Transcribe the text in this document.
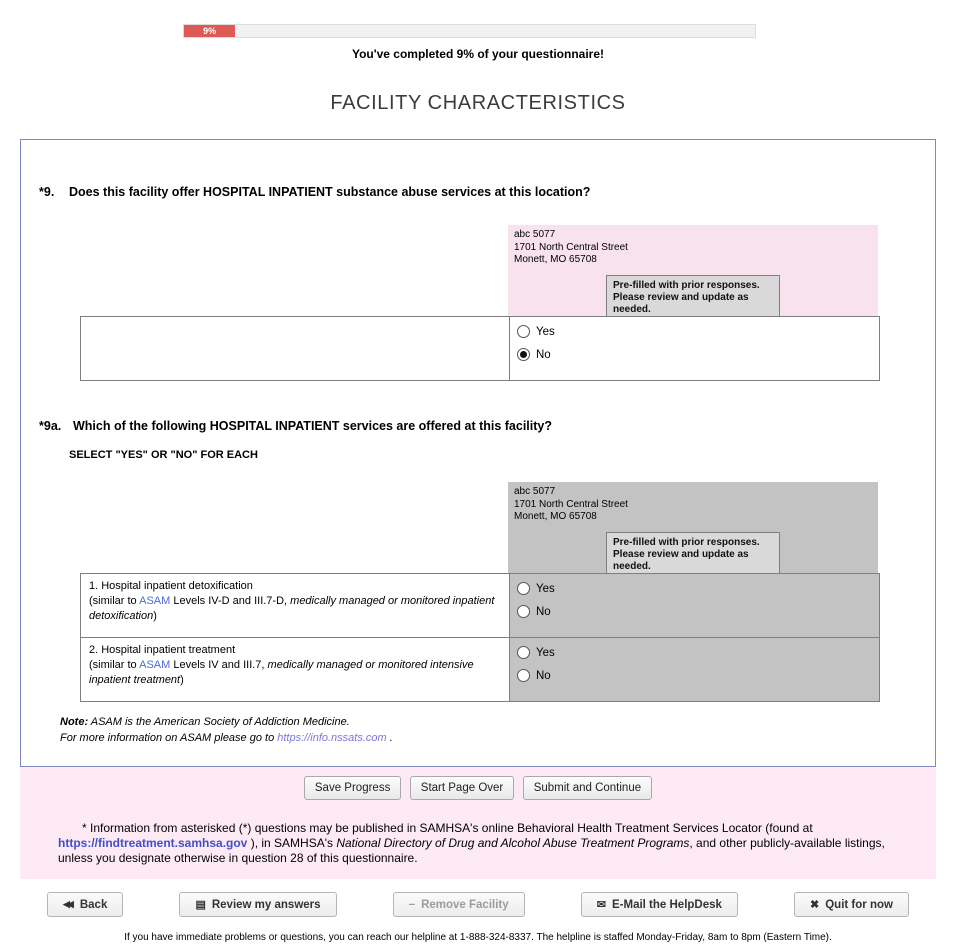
9%
You've completed 9% of your questionnaire!
FACILITY CHARACTERISTICS
*9.	Does this facility offer HOSPITAL INPATIENT substance abuse services at this location?
abc 5077
1701 North Central Street
Monett, MO 65708
Pre-filled with prior responses.
Please review and update as needed.

Yes
No
*9a. Which of the following HOSPITAL INPATIENT services are offered at this facility?
SELECT "YES" OR "NO" FOR EACH
abc 5077
1701 North Central Street
Monett, MO 65708
Pre-filled with prior responses.
Please review and update as needed.
1. Hospital inpatient detoxification
(similar to ASAM Levels IV-D and III.7-D, medically managed or monitored inpatient detoxification)	Yes
No

2. Hospital inpatient treatment
(similar to ASAM Levels IV and III.7, medically managed or monitored intensive inpatient treatment)	Yes
No
Note: ASAM is the American Society of Addiction Medicine.
For more information on ASAM please go to https://info.nssats.com .
Save Progress	Start Page Over	Submit and Continue
* Information from asterisked (*) questions may be published in SAMHSA's online Behavioral Health Treatment Services Locator (found at https://findtreatment.samhsa.gov ), in SAMHSA's National Directory of Drug and Alcohol Abuse Treatment Programs, and other publicly-available listings, unless you designate otherwise in question 28 of this questionnaire.
◀◀ Back	▤ Review my answers	− Remove Facility	✉ E-Mail the HelpDesk	✖ Quit for now
If you have immediate problems or questions, you can reach our helpline at 1-888-324-8337. The helpline is staffed Monday-Friday, 8am to 8pm (Eastern Time).
